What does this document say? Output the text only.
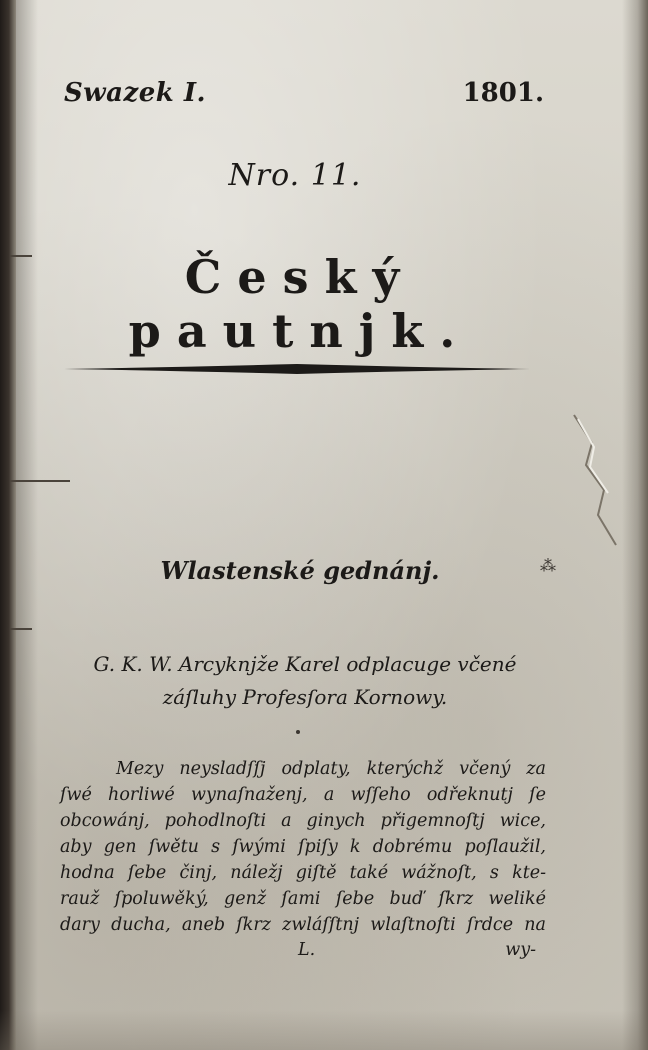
Swazek I.	1801.
Nro. 11.
Český pautnjk.
Wlastenské gednánj.	⁂
G. K. W. Arcyknjže Karel odplacuge včené
záſluhy Profesſora Kornowy.
Mezy neysladſſj odplaty, kterýchž včený za
ſwé horliwé wynaſnaženj, a wſſeho odřeknutj ſe
obcowánj, pohodlnoſti a ginych přigemnoſtj wice,
aby gen ſwětu s ſwými ſpiſy k dobrému poſlaužil,
hodna ſebe činj, náležj giſtě také wážnoſt, s kte-
rauž ſpoluwěký, genž ſami ſebe buď ſkrz weliké
dary ducha, aneb ſkrz zwláſſtnj wlaſtnoſti ſrdce na
L.	wy-
